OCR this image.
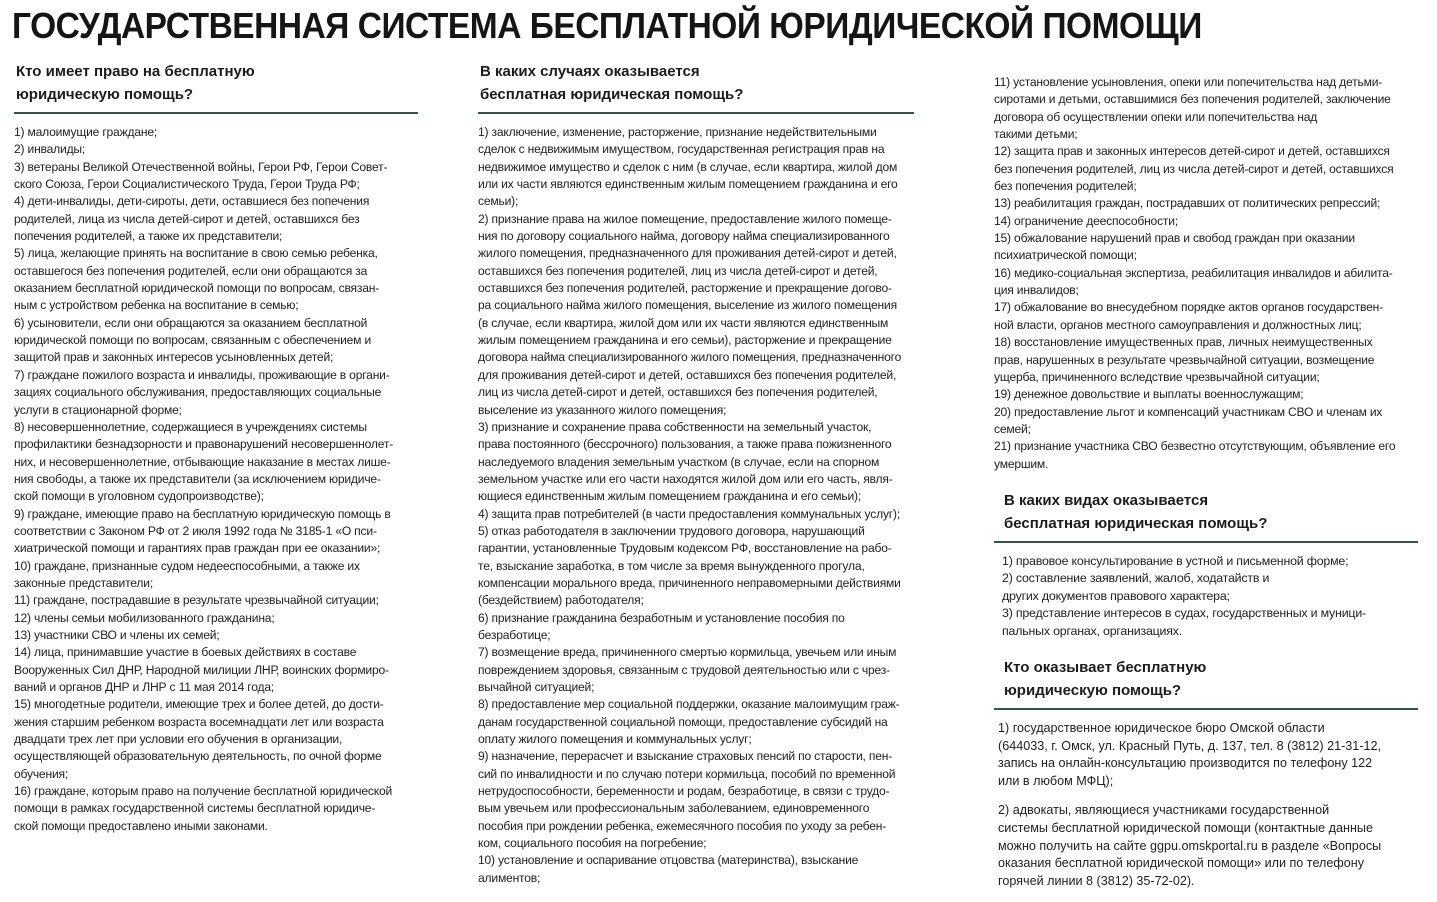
ГОСУДАРСТВЕННАЯ СИСТЕМА БЕСПЛАТНОЙ ЮРИДИЧЕСКОЙ ПОМОЩИ
Кто имеет право на бесплатную
юридическую помощь?
1) малоимущие граждане;
2) инвалиды;
3) ветераны Великой Отечественной войны, Герои РФ, Герои Совет-
ского Союза, Герои Социалистического Труда, Герои Труда РФ;
4) дети-инвалиды, дети-сироты, дети, оставшиеся без попечения
родителей, лица из числа детей-сирот и детей, оставшихся без
попечения родителей, а также их представители;
5) лица, желающие принять на воспитание в свою семью ребенка,
оставшегося без попечения родителей, если они обращаются за
оказанием бесплатной юридической помощи по вопросам, связан-
ным с устройством ребенка на воспитание в семью;
6) усыновители, если они обращаются за оказанием бесплатной
юридической помощи по вопросам, связанным с обеспечением и
защитой прав и законных интересов усыновленных детей;
7) граждане пожилого возраста и инвалиды, проживающие в органи-
зациях социального обслуживания, предоставляющих социальные
услуги в стационарной форме;
8) несовершеннолетние, содержащиеся в учреждениях системы
профилактики безнадзорности и правонарушений несовершеннолет-
них, и несовершеннолетние, отбывающие наказание в местах лише-
ния свободы, а также их представители (за исключением юридиче-
ской помощи в уголовном судопроизводстве);
9) граждане, имеющие право на бесплатную юридическую помощь в
соответствии с Законом РФ от 2 июля 1992 года № 3185-1 «О пси-
хиатрической помощи и гарантиях прав граждан при ее оказании»;
10) граждане, признанные судом недееспособными, а также их
законные представители;
11) граждане, пострадавшие в результате чрезвычайной ситуации;
12) члены семьи мобилизованного гражданина;
13) участники СВО и члены их семей;
14) лица, принимавшие участие в боевых действиях в составе
Вооруженных Сил ДНР, Народной милиции ЛНР, воинских формиро-
ваний и органов ДНР и ЛНР с 11 мая 2014 года;
15) многодетные родители, имеющие трех и более детей, до дости-
жения старшим ребенком возраста восемнадцати лет или возраста
двадцати трех лет при условии его обучения в организации,
осуществляющей образовательную деятельность, по очной форме
обучения;
16) граждане, которым право на получение бесплатной юридической
помощи в рамках государственной системы бесплатной юридиче-
ской помощи предоставлено иными законами.
В каких случаях оказывается
бесплатная юридическая помощь?
1) заключение, изменение, расторжение, признание недействительными
сделок с недвижимым имуществом, государственная регистрация прав на
недвижимое имущество и сделок с ним (в случае, если квартира, жилой дом
или их части являются единственным жилым помещением гражданина и его
семьи);
2) признание права на жилое помещение, предоставление жилого помеще-
ния по договору социального найма, договору найма специализированного
жилого помещения, предназначенного для проживания детей-сирот и детей,
оставшихся без попечения родителей, лиц из числа детей-сирот и детей,
оставшихся без попечения родителей, расторжение и прекращение догово-
ра социального найма жилого помещения, выселение из жилого помещения
(в случае, если квартира, жилой дом или их части являются единственным
жилым помещением гражданина и его семьи), расторжение и прекращение
договора найма специализированного жилого помещения, предназначенного
для проживания детей-сирот и детей, оставшихся без попечения родителей,
лиц из числа детей-сирот и детей, оставшихся без попечения родителей,
выселение из указанного жилого помещения;
3) признание и сохранение права собственности на земельный участок,
права постоянного (бессрочного) пользования, а также права пожизненного
наследуемого владения земельным участком (в случае, если на спорном
земельном участке или его части находятся жилой дом или его часть, явля-
ющиеся единственным жилым помещением гражданина и его семьи);
4) защита прав потребителей (в части предоставления коммунальных услуг);
5) отказ работодателя в заключении трудового договора, нарушающий
гарантии, установленные Трудовым кодексом РФ, восстановление на рабо-
те, взыскание заработка, в том числе за время вынужденного прогула,
компенсации морального вреда, причиненного неправомерными действиями
(бездействием) работодателя;
6) признание гражданина безработным и установление пособия по
безработице;
7) возмещение вреда, причиненного смертью кормильца, увечьем или иным
повреждением здоровья, связанным с трудовой деятельностью или с чрез-
вычайной ситуацией;
8) предоставление мер социальной поддержки, оказание малоимущим граж-
данам государственной социальной помощи, предоставление субсидий на
оплату жилого помещения и коммунальных услуг;
9) назначение, перерасчет и взыскание страховых пенсий по старости, пен-
сий по инвалидности и по случаю потери кормильца, пособий по временной
нетрудоспособности, беременности и родам, безработице, в связи с трудо-
вым увечьем или профессиональным заболеванием, единовременного
пособия при рождении ребенка, ежемесячного пособия по уходу за ребен-
ком, социального пособия на погребение;
10) установление и оспаривание отцовства (материнства), взыскание
алиментов;
11) установление усыновления, опеки или попечительства над детьми-
сиротами и детьми, оставшимися без попечения родителей, заключение
договора об осуществлении опеки или попечительства над
такими детьми;
12) защита прав и законных интересов детей-сирот и детей, оставшихся
без попечения родителей, лиц из числа детей-сирот и детей, оставшихся
без попечения родителей;
13) реабилитация граждан, пострадавших от политических репрессий;
14) ограничение дееспособности;
15) обжалование нарушений прав и свобод граждан при оказании
психиатрической помощи;
16) медико-социальная экспертиза, реабилитация инвалидов и абилита-
ция инвалидов;
17) обжалование во внесудебном порядке актов органов государствен-
ной власти, органов местного самоуправления и должностных лиц;
18) восстановление имущественных прав, личных неимущественных
прав, нарушенных в результате чрезвычайной ситуации, возмещение
ущерба, причиненного вследствие чрезвычайной ситуации;
19) денежное довольствие и выплаты военнослужащим;
20) предоставление льгот и компенсаций участникам СВО и членам их
семей;
21) признание участника СВО безвестно отсутствующим, объявление его
умершим.
В каких видах оказывается
бесплатная юридическая помощь?
1) правовое консультирование в устной и письменной форме;
2) составление заявлений, жалоб, ходатайств и
других документов правового характера;
3) представление интересов в судах, государственных и муници-
пальных органах, организациях.
Кто оказывает бесплатную
юридическую помощь?
1) государственное юридическое бюро Омской области
(644033, г. Омск, ул. Красный Путь, д. 137, тел. 8 (3812) 21-31-12,
запись на онлайн-консультацию производится по телефону 122
или в любом МФЦ);
2) адвокаты, являющиеся участниками государственной
системы бесплатной юридической помощи (контактные данные
можно получить на сайте ggpu.omskportal.ru в разделе «Вопросы
оказания бесплатной юридической помощи» или по телефону
горячей линии 8 (3812) 35-72-02).
